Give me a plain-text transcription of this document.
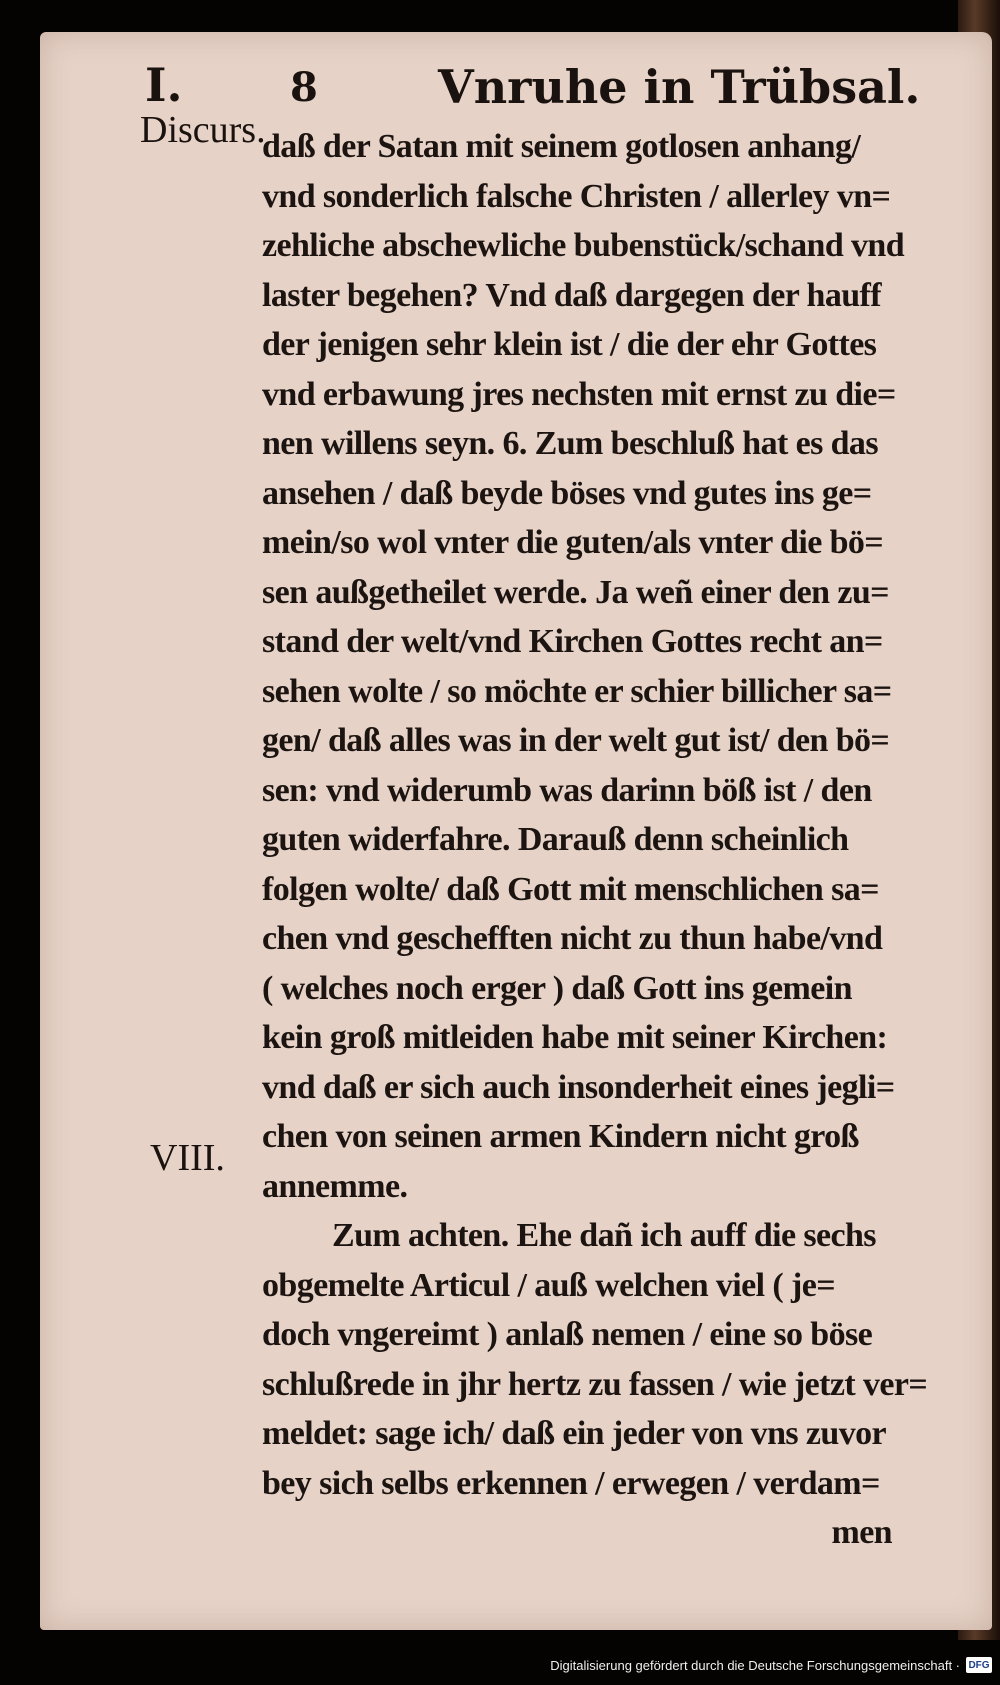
I.	8	Vnruhe in Trübsal.
Discurs.
VIII.
daß der Satan mit seinem gotlosen anhang/
vnd sonderlich falsche Christen / allerley vn=
zehliche abschewliche bubenstück/schand vnd
laster begehen? Vnd daß dargegen der hauff
der jenigen sehr klein ist / die der ehr Gottes
vnd erbawung jres nechsten mit ernst zu die=
nen willens seyn. 6. Zum beschluß hat es das
ansehen / daß beyde böses vnd gutes ins ge=
mein/so wol vnter die guten/als vnter die bö=
sen außgetheilet werde. Ja weñ einer den zu=
stand der welt/vnd Kirchen Gottes recht an=
sehen wolte / so möchte er schier billicher sa=
gen/ daß alles was in der welt gut ist/ den bö=
sen: vnd widerumb was darinn böß ist / den
guten widerfahre. Darauß denn scheinlich
folgen wolte/ daß Gott mit menschlichen sa=
chen vnd geschefften nicht zu thun habe/vnd
( welches noch erger ) daß Gott ins gemein
kein groß mitleiden habe mit seiner Kirchen:
vnd daß er sich auch insonderheit eines jegli=
chen von seinen armen Kindern nicht groß
annemme.
Zum achten. Ehe dañ ich auff die sechs
obgemelte Articul / auß welchen viel ( je=
doch vngereimt ) anlaß nemen / eine so böse
schlußrede in jhr hertz zu fassen / wie jetzt ver=
meldet: sage ich/ daß ein jeder von vns zuvor
bey sich selbs erkennen / erwegen / verdam=
men
Digitalisierung gefördert durch die Deutsche Forschungsgemeinschaft · DFG
